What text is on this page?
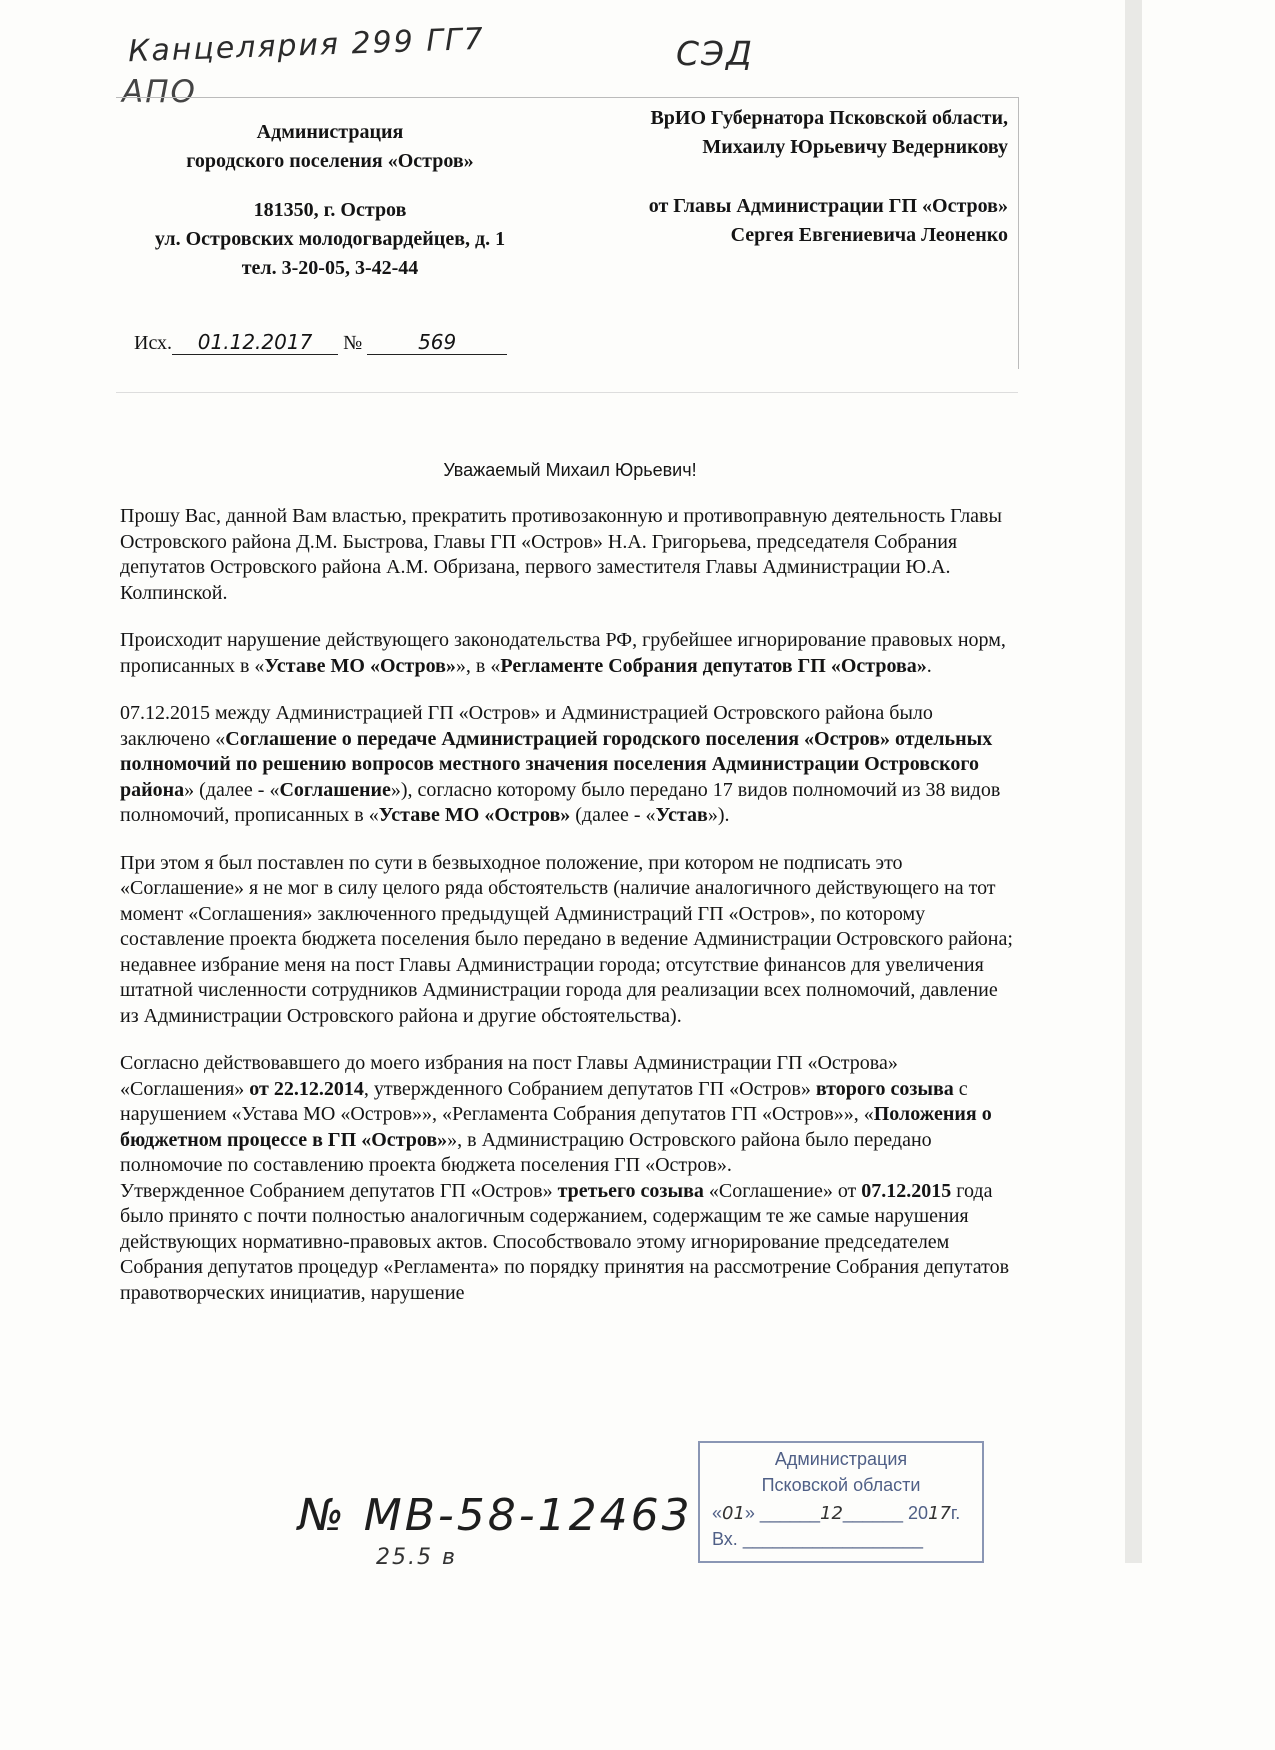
Канцелярия 299 ГГ7
АПО
СЭД
Администрация
городского поселения «Остров»
181350, г. Остров
ул. Островских молодогвардейцев, д. 1
тел. 3-20-05, 3-42-44
ВрИО Губернатора Псковской области,
Михаилу Юрьевичу Ведерникову
от Главы Администрации ГП «Остров»
Сергея Евгениевича Леоненко
Исх. 01.12.2017 №	569
Уважаемый Михаил Юрьевич!

Прошу Вас, данной Вам властью, прекратить противозаконную и противоправную деятельность Главы Островского района Д.М. Быстрова, Главы ГП «Остров» Н.А. Григорьева, председателя Собрания депутатов Островского района А.М. Обризана, первого заместителя Главы Администрации Ю.А. Колпинской.

Происходит нарушение действующего законодательства РФ, грубейшее игнорирование правовых норм, прописанных в «Уставе МО «Остров»», в «Регламенте Собрания депутатов ГП «Острова».

07.12.2015 между Администрацией ГП «Остров» и Администрацией Островского района было заключено «Соглашение о передаче Администрацией городского поселения «Остров» отдельных полномочий по решению вопросов местного значения поселения Администрации Островского района» (далее - «Соглашение»), согласно которому было передано 17 видов полномочий из 38 видов полномочий, прописанных в «Уставе МО «Остров» (далее - «Устав»).

При этом я был поставлен по сути в безвыходное положение, при котором не подписать это «Соглашение» я не мог в силу целого ряда обстоятельств (наличие аналогичного действующего на тот момент «Соглашения» заключенного предыдущей Администраций ГП «Остров», по которому составление проекта бюджета поселения было передано в ведение Администрации Островского района; недавнее избрание меня на пост Главы Администрации города; отсутствие финансов для увеличения штатной численности сотрудников Администрации города для реализации всех полномочий, давление из Администрации Островского района и другие обстоятельства).

Согласно действовавшего до моего избрания на пост Главы Администрации ГП «Острова» «Соглашения» от 22.12.2014, утвержденного Собранием депутатов ГП «Остров» второго созыва с нарушением «Устава МО «Остров»», «Регламента Собрания депутатов ГП «Остров»», «Положения о бюджетном процессе в ГП «Остров»», в Администрацию Островского района было передано полномочие по составлению проекта бюджета поселения ГП «Остров».

Утвержденное Собранием депутатов ГП «Остров» третьего созыва «Соглашение» от 07.12.2015 года было принято с почти полностью аналогичным содержанием, содержащим те же самые нарушения действующих нормативно-правовых актов. Способствовало этому игнорирование председателем Собрания депутатов процедур «Регламента» по порядку принятия на рассмотрение Собрания депутатов правотворческих инициатив, нарушение

Администрация
Псковской области
«01» ______12______ 2017г.
Вх. __________________
№ МВ-58-12463
25.5 в
